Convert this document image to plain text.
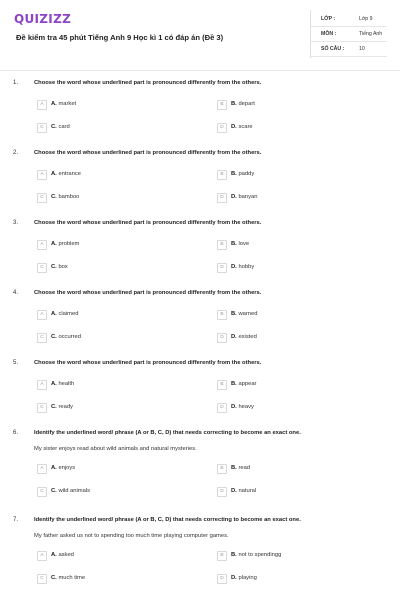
QUIZIZZ
Đề kiểm tra 45 phút Tiếng Anh 9 Học kì 1 có đáp án (Đề 3)
LỚP :	Lớp 9
MÔN :	Tiếng Anh
SỐ CÂU :	10
1.	Choose the word whose underlined part is pronounced differently from the others.
A	A. market	B	B. depart
C	C. card	D	D. scare
2.	Choose the word whose underlined part is pronounced differently from the others.
A	A. entrance	B	B. paddy
C	C. bamboo	D	D. banyan
3.	Choose the word whose underlined part is pronounced differently from the others.
A	A. problem	B	B. love
C	C. box	D	D. hobby
4.	Choose the word whose underlined part is pronounced differently from the others.
A	A. claimed	B	B. warned
C	C. occurred	D	D. existed
5.	Choose the word whose underlined part is pronounced differently from the others.
A	A. health	B	B. appear
C	C. ready	D	D. heavy
6.	Identify the underlined word/ phrase (A or B, C, D) that needs correcting to become an exact one.
My sister enjoys read about wild animals and natural mysteries.
A	A. enjoys	B	B. read
C	C. wild animals	D	D. natural
7.	Identify the underlined word/ phrase (A or B, C, D) that needs correcting to become an exact one.
My father asked us not to spending too much time playing computer games.
A	A. asked	B	B. not to spendingg
C	C. much time	D	D. playing
